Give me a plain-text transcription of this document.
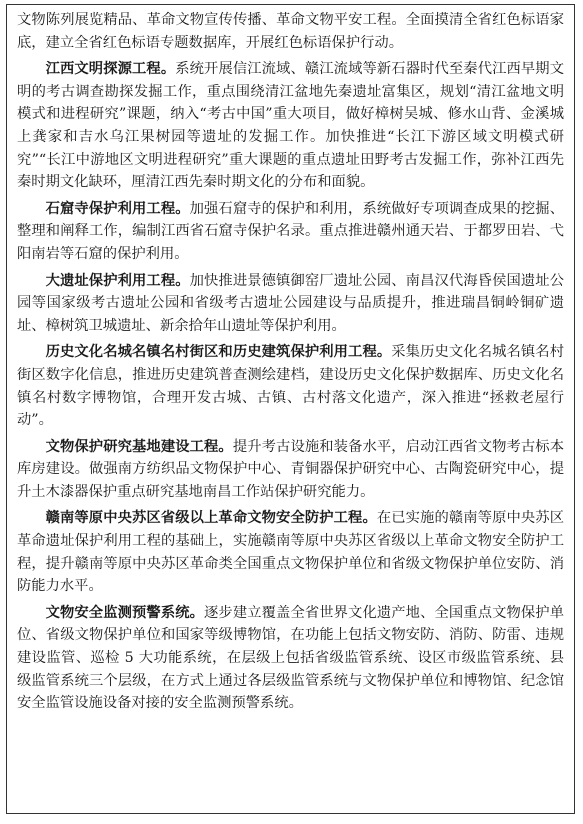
文物陈列展览精品、革命文物宣传传播、革命文物平安工程。全面摸清全省红色标语家底，建立全省红色标语专题数据库，开展红色标语保护行动。

江西文明探源工程。系统开展信江流域、赣江流域等新石器时代至秦代江西早期文明的考古调查勘探发掘工作，重点围绕清江盆地先秦遗址富集区，规划“清江盆地文明模式和进程研究”课题，纳入“考古中国”重大项目，做好樟树吴城、修水山背、金溪城上龚家和吉水乌江果树园等遗址的发掘工作。加快推进“长江下游区域文明模式研究”“长江中游地区文明进程研究”重大课题的重点遗址田野考古发掘工作，弥补江西先秦时期文化缺环，厘清江西先秦时期文化的分布和面貌。

石窟寺保护利用工程。加强石窟寺的保护和利用，系统做好专项调查成果的挖掘、整理和阐释工作，编制江西省石窟寺保护名录。重点推进赣州通天岩、于都罗田岩、弋阳南岩等石窟的保护利用。

大遗址保护利用工程。加快推进景德镇御窑厂遗址公园、南昌汉代海昏侯国遗址公园等国家级考古遗址公园和省级考古遗址公园建设与品质提升，推进瑞昌铜岭铜矿遗址、樟树筑卫城遗址、新余拾年山遗址等保护利用。

历史文化名城名镇名村街区和历史建筑保护利用工程。采集历史文化名城名镇名村街区数字化信息，推进历史建筑普查测绘建档，建设历史文化保护数据库、历史文化名镇名村数字博物馆，合理开发古城、古镇、古村落文化遗产，深入推进“拯救老屋行动”。

文物保护研究基地建设工程。提升考古设施和装备水平，启动江西省文物考古标本库房建设。做强南方纺织品文物保护中心、青铜器保护研究中心、古陶瓷研究中心，提升土木漆器保护重点研究基地南昌工作站保护研究能力。

赣南等原中央苏区省级以上革命文物安全防护工程。在已实施的赣南等原中央苏区革命遗址保护利用工程的基础上，实施赣南等原中央苏区省级以上革命文物安全防护工程，提升赣南等原中央苏区革命类全国重点文物保护单位和省级文物保护单位安防、消防能力水平。

文物安全监测预警系统。逐步建立覆盖全省世界文化遗产地、全国重点文物保护单位、省级文物保护单位和国家等级博物馆，在功能上包括文物安防、消防、防雷、违规建设监管、巡检 5 大功能系统，在层级上包括省级监管系统、设区市级监管系统、县级监管系统三个层级，在方式上通过各层级监管系统与文物保护单位和博物馆、纪念馆安全监管设施设备对接的安全监测预警系统。
